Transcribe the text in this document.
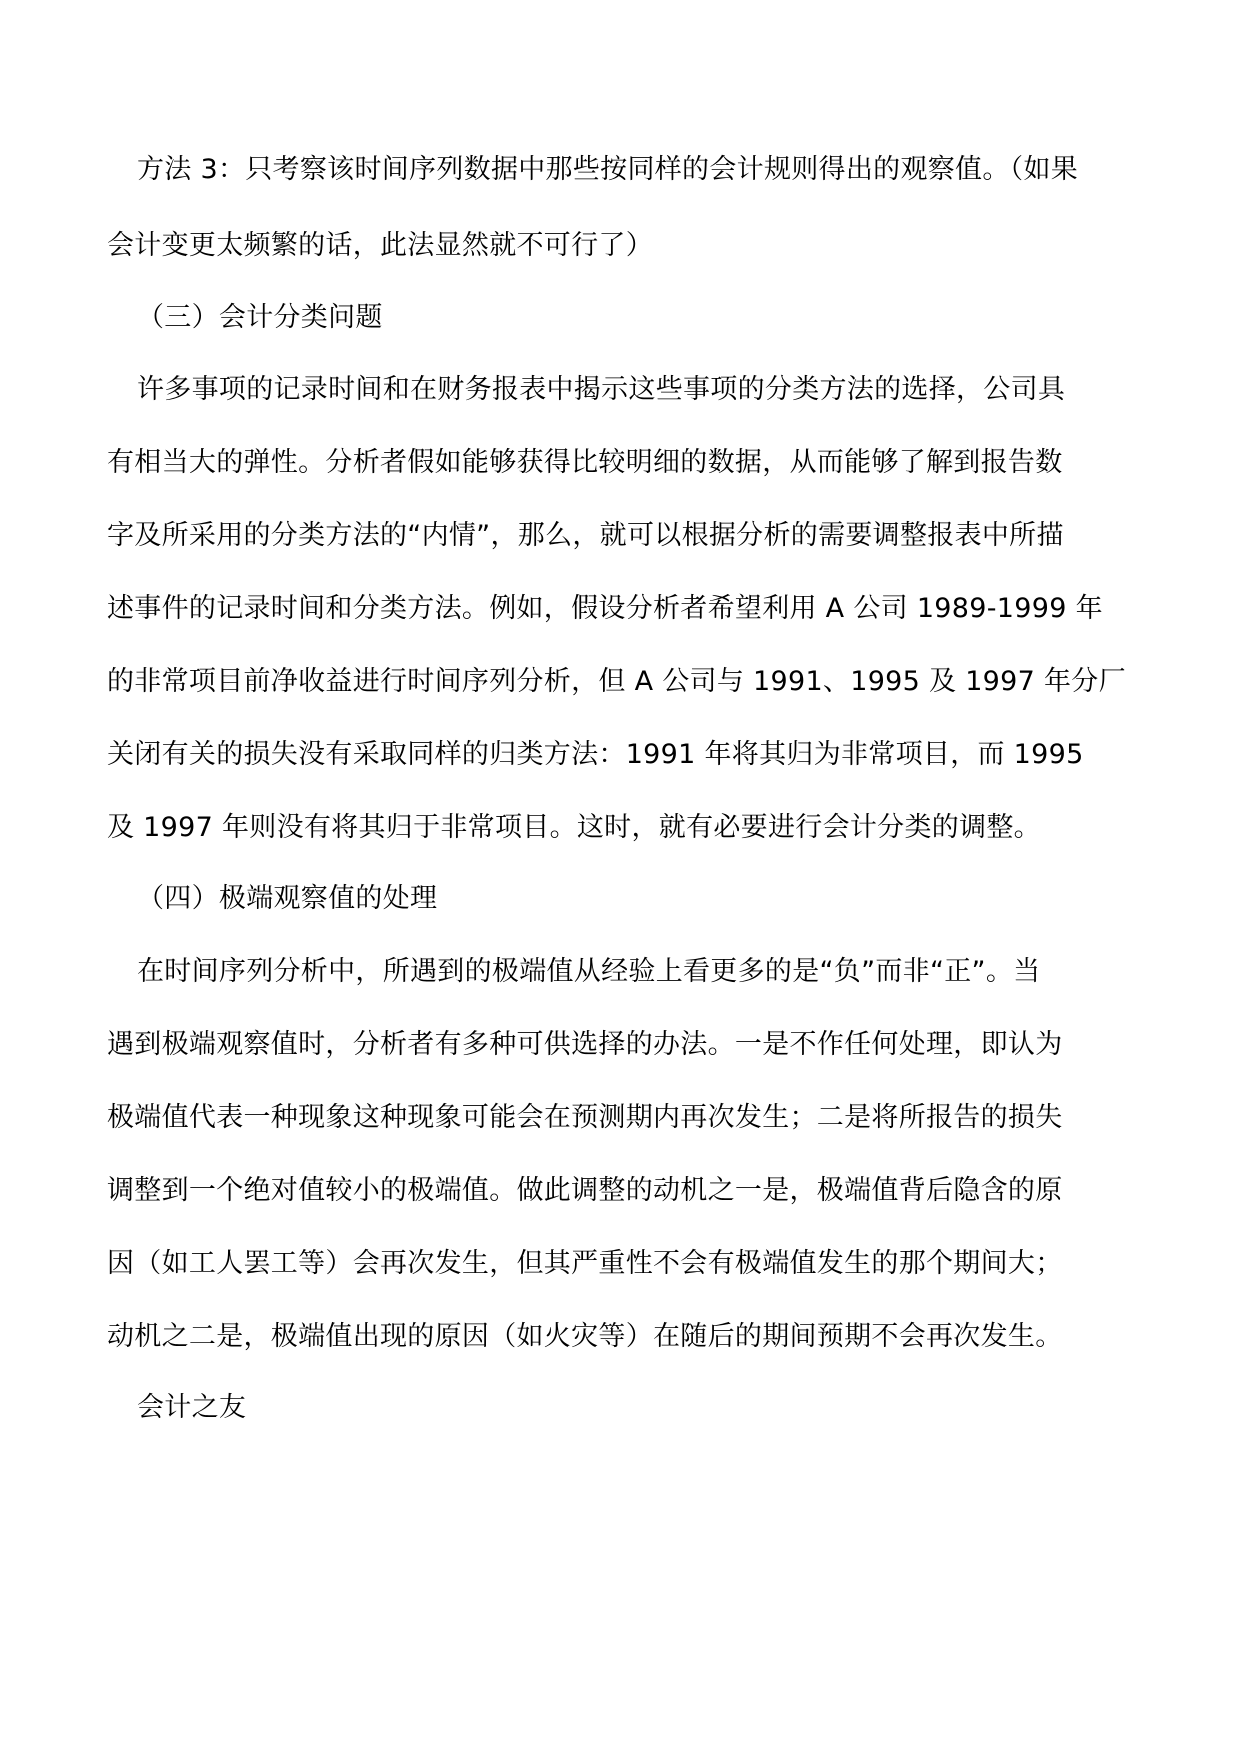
方法 3：只考察该时间序列数据中那些按同样的会计规则得出的观察值。（如果
会计变更太频繁的话，此法显然就不可行了）
（三）会计分类问题
许多事项的记录时间和在财务报表中揭示这些事项的分类方法的选择，公司具
有相当大的弹性。分析者假如能够获得比较明细的数据，从而能够了解到报告数
字及所采用的分类方法的“内情”，那么，就可以根据分析的需要调整报表中所描
述事件的记录时间和分类方法。例如，假设分析者希望利用 A 公司 1989-1999 年
的非常项目前净收益进行时间序列分析，但 A 公司与 1991、1995 及 1997 年分厂
关闭有关的损失没有采取同样的归类方法：1991 年将其归为非常项目，而 1995
及 1997 年则没有将其归于非常项目。这时，就有必要进行会计分类的调整。
（四）极端观察值的处理
在时间序列分析中，所遇到的极端值从经验上看更多的是“负”而非“正”。当
遇到极端观察值时，分析者有多种可供选择的办法。一是不作任何处理，即认为
极端值代表一种现象这种现象可能会在预测期内再次发生；二是将所报告的损失
调整到一个绝对值较小的极端值。做此调整的动机之一是，极端值背后隐含的原
因（如工人罢工等）会再次发生，但其严重性不会有极端值发生的那个期间大；
动机之二是，极端值出现的原因（如火灾等）在随后的期间预期不会再次发生。
会计之友
